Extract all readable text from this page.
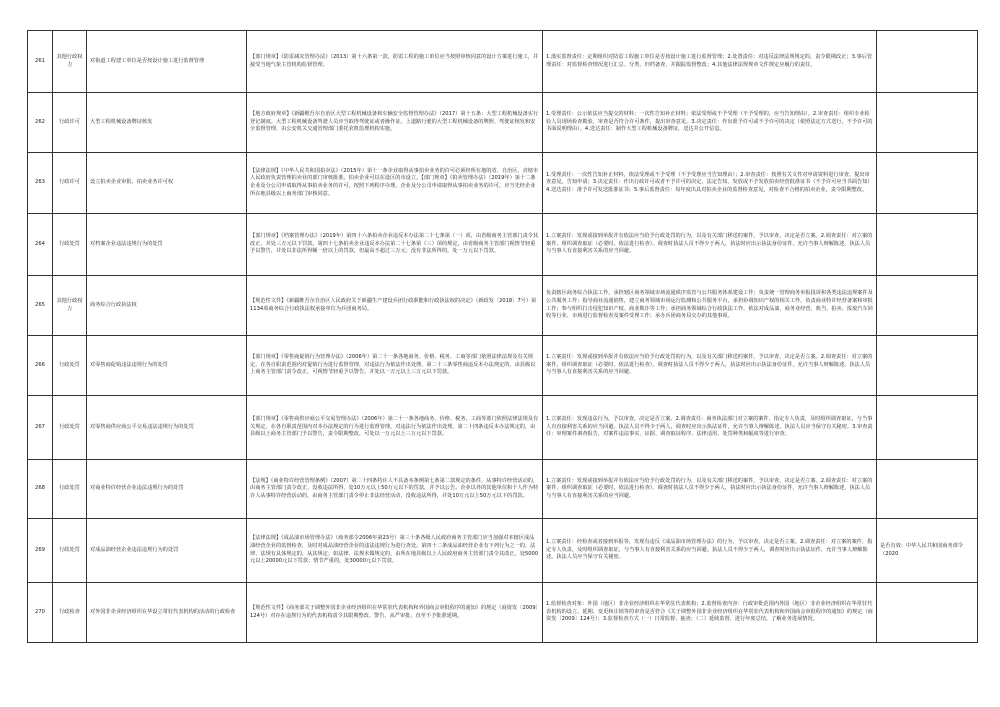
261	其他行政权力	对街道工程建工单位是否按设计施工进行监督管理	【部门规章】《防雷减灾管理办法》（2013）第十六条第一款，防雷工程的施工单位应当按照审核同意的设计方案进行施工，并接受当地气象主管机构监督管理。	1.落实监督责任：定期组织对防雷工程施工单位是否按设计施工进行监督管理；2.处置责任：对违反法律法规规定的，责令限期改正；3.事后管理责任：对监督检查情况进行汇总、分类、归档备查，并跟踪监督整改；4.其他法律法规规章文件规定应履行的责任。	
262	行政许可	大型工程机械设备牌证核发	【地方政府规章】《新疆维吾尔自治区大型工程机械设备和车辆安全监督管理办法》（2017）第十五条：大型工程机械设备实行登记制度。大型工程机械设备驾驶人员应当取得驾驶证或者操作证。上道路行驶的大型工程机械设备的牌照、驾驶证核发和安全监督管理，由公安机关交通管理部门委托农机监理机构实施。	1.受理责任：公示依法应当提交的材料；一次性告知补正材料；依法受理或不予受理（不予受理的，应当告知理由）。2.审查责任：组织专业检验人员现场检查勘验，审查是否符合许可条件，提出审查意见。3.决定责任：作出准予许可或不予许可的决定（依照法定方式送行，不予许可的书面说明理由）。4.送达责任：制作大型工程机械设备牌证，送达并公开信息。	
263	行政许可	设立拍卖企业审批、拍卖业务许可权	【法律法规】《中华人民共和国拍卖法》（2015年）第十一条企业取得从事拍卖业务的许可必须经所在地的省、自治区、直辖市人民政府负责管理拍卖业的部门审核批准。拍卖企业可以在设区的市设立。【部门规章】《拍卖管理办法》（2019年）第十二条企业及分公司申请取得从事拍卖业务的许可，按照下列程序办理，企业及分公司申请取得从事拍卖业务的许可，应当先经企业所在地县级以上商务部门审核同意。	1.受理责任：一次性告知补正材料，依法受理或不予受理（不予受理应当告知理由）；2.审查责任：按照有关文件对申请资料进行审查，提出审查意见，告知申请；3.决定责任：作出行政许可或者不予许可的决定，法定告知，发放或不予发放拍卖经营批准证书（不予许可应当书面告知）4.送达责任：准予许可发送批准证书；5.事后监督责任：每年度出具对拍卖企业的监督检查意见，对检查不合格的拍卖企业，责令限期整改。	
264	行政处罚	对档案企业违法违规行为的处罚	【部门规章】《档案管理办法》（2019年）第四十六条拍卖企业违反本办法第二十七条第（一）项，由省级商务主管部门责令其改正，并处三万元以下罚款。第四十七条拍卖企业违反本办法第二十七条第（三）项的规定，由省级商务主管部门视情节轻重予以警告，并处以非法所得额一倍以上的罚款，但最高不超过三万元；没有非法所得的，处一万元以下罚款。	1.立案责任：发现或接到举报并有依法应当给予行政处罚的行为，以及有关部门移送的案件，予以审查，决定是否立案。2.调查责任：对立案的案件，组织调查取证（必要时，依法进行检查）。调查时执法人员不得少于两人，执法时应出示执法身份证件，允许当事人辩解陈述，执法人员与当事人有直接利害关系的应当回避。	
265	其他行政权力	商务综合行政执法权	【规范性文件】《新疆维吾尔自治区人民政府关于新疆生产建设兵团行政职能和行政执法权的决定》（新政发〔2018〕7号）第1134项商务综合行政执法权承接单位为兵团商务局。	负责辖区商务综合执法工作，承担辖区商务领域市场流通秩序监管与公共服务体系建设工作；负责统一管理商务举报投诉和各类违法违规案件及公共服务工作；指导商业流通销售，建立商务领域市场运行监测和公共服务平台，承担协调知识产权的相关工作。负责商业特许经营备案和审批工作；参与组织打击侵犯知识产权、商业欺诈等工作；承担商务领域综合行政执法工作，依法对成品油、商务业经营、典当、拍卖、报废汽车回收等行业、市场进行监督检查及案件受理工作；承办兵团商务局交办的其他事项。	
266	行政处罚	对零售商促销违法违规行为的处罚	【部门规章】《零售商促销行为管理办法》（2006年）第二十一条各地商务、价格、税务、工商等部门依照法律法规及有关规定，在各自职责范围内对促销行为进行监督管理，对违法行为依法作出处理。第二十三条零售商违反本办法规定的，由县级以上商务主管部门责令改正，可视情节轻重予以警告，并处以一万元以上三万元以下罚款。	1.立案责任：发现或接到举报并有依法应当给予行政处罚的行为，以及有关部门移送的案件，予以审查，决定是否立案。2.调查责任：对立案的案件，组织调查取证（必要时，依法进行检查）。调查时执法人员不得少于两人，执法时应出示执法身份证件，允许当事人辩解陈述，执法人员与当事人有直接利害关系的应当回避。	
267	行政处罚	对零售商供应商公平交易违法违规行为的处罚	【部门规章】《零售商供应商公平交易管理办法》（2006年）第二十一条各地商务、价格、税务、工商等部门依照法律法规及有关规定，在各自职责范围内对本办法规定的行为进行监督管理，对违法行为依法作出处理。第二十四条违反本办法规定的，由县级以上商务主管部门予以警告，责令限期整改，可处以一万元以上三万元以下罚款。	1.立案责任：发现违法行为，予以审查，决定是否立案。2.调查责任：商务执法部门对立案的案件，指定专人负责，及时组织调查取证，与当事人有直接利害关系的应当回避。执法人员不得少于两人，调查时应出示执法证件，允许当事人辩解陈述。执法人员应当保守有关秘密。3.审查责任：审理案件调查报告，对案件违法事实、证据、调查取证程序、法律适用、处罚种类和幅度等进行审查。	
268	行政处罚	对商业特许经营企业违法违规行为的处罚	【法规】《商业特许经营管理条例》（2007）第二十四条特许人不具备本条例第七条第二款规定的条件，从事特许经营活动的，由商务主管部门责令改正，没收违法所得，处10万元以上50万元以下的罚款，并予以公告。企业以外的其他单位和个人作为特许人从事特许经营活动的，由商务主管部门责令停止非法经营活动，没收违法所得，并处10万元以上50万元以下的罚款。	1.立案责任：发现或接到举报并有依法应当给予行政处罚的行为，以及有关部门移送的案件，予以审查，决定是否立案。2.调查责任：对立案的案件，组织调查取证（必要时，依法进行检查）。调查时执法人员不得少于两人，执法时应出示执法身份证件，允许当事人辩解陈述，执法人员与当事人有直接利害关系的应当回避。	
269	行政处罚	对成品油经营企业违法违规行为的处罚	【法律法规】《成品油市场管理办法》（商务部令2006年第23号）第三十条各级人民政府商务主管部门应当加强对本辖区成品油经营企业的监督检查，及时对成品油经营企业的违法违规行为进行查处。第四十二条成品油经营企业有下列行为之一的，法律、法规有具体规定的，从其规定；如法律、法规未做规定的，由所在地县级以上人民政府商务主管部门责令其改正，处5000元以上20000元以下罚款；情节严重的，处30000元以下罚款。	1.立案责任：经检查或者接到举报等，发现有违反《成品油市场管理办法》的行为，予以审查，决定是否立案。2.调查责任：对立案的案件，指定专人负责，及时组织调查取证，与当事人有直接利害关系的应当回避。执法人员不得少于两人，调查时应出示执法证件，允许当事人辩解陈述。执法人员应当保守有关秘密。	是否有效：中华人民共和国商务部令（2020
270	行政检查	对外国非企业经济组织在华设立常驻代表机构的活动的行政检查	【规范性文件】《商务部关于调整外国非企业经济组织在华常驻代表机构和外国商会审批程序的通知》的规定（商资发〔2009〕124号）对存在违规行为的代表机构责令其限期整改、警告、从严审批，直至不予批准延期。	1.监督检查对象：外国（地区）非企业经济组织在华常驻代表机构；2.监督检查内容：行政审批范围内外国（地区）非企业经济组织在华常驻代表机构的设立、延期、变更和注销等的审查是否符合《关于调整外国非企业经济组织在华常驻代表机构和外国商会审批程序的通知》的规定（商资发〔2009〕124号）；3.监督检查方式（一）日常监督、抽查；（二）延续监督，进行年度总结，了解业务进展情况。	
